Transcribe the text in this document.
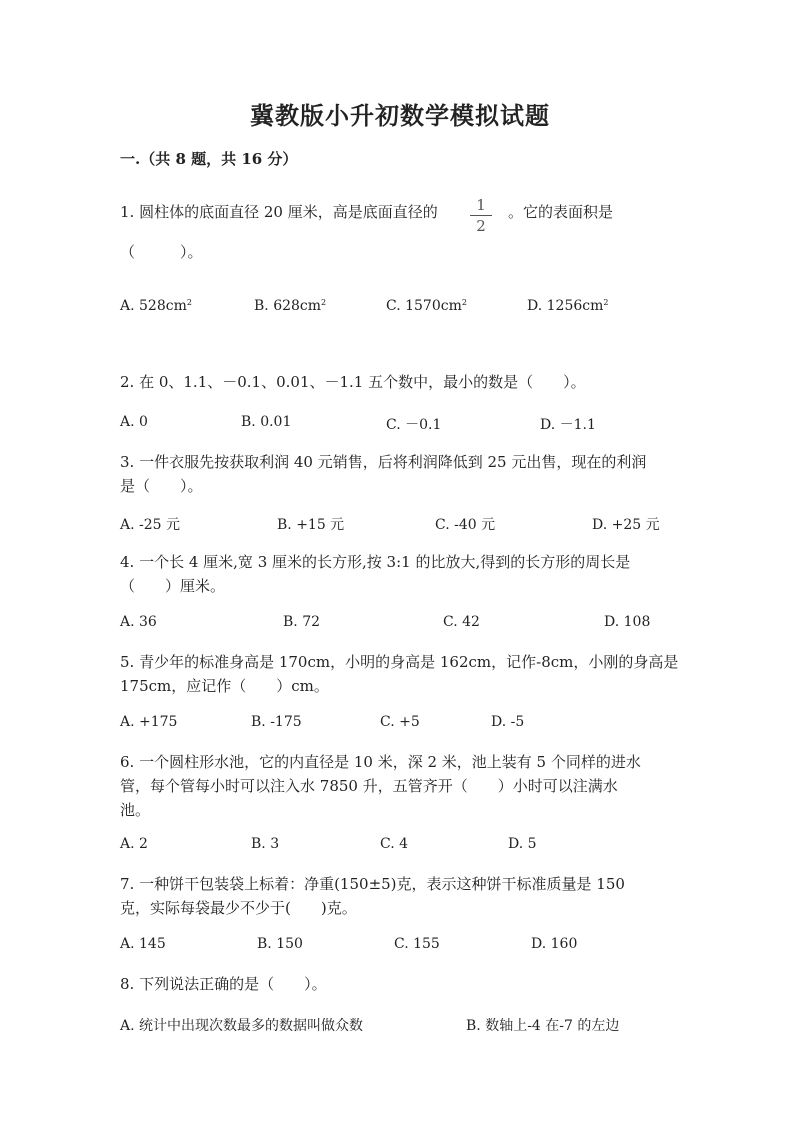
冀教版小升初数学模拟试题
一.（共 8 题，共 16 分）
1. 圆柱体的底面直径 20 厘米，高是底面直径的	$\frac{1}{2}$ 。它的表面积是
（　　　）。
A. $528cm^2$	B. $628cm^2$	C. $1570cm^2$	D. $1256cm^2$
2. 在 0、1.1、－0.1、0.01、－1.1 五个数中，最小的数是（　　）。
A. 0	B. 0.01	C. －0.1	D. －1.1
3. 一件衣服先按获取利润 40 元销售，后将利润降低到 25 元出售，现在的利润
是（　　）。
A. -25 元	B. +15 元	C. -40 元	D. +25 元
4. 一个长 4 厘米,宽 3 厘米的长方形,按 3:1 的比放大,得到的长方形的周长是
（　　）厘米。
A. 36	B. 72	C. 42	D. 108
5. 青少年的标准身高是 170cm，小明的身高是 162cm，记作-8cm，小刚的身高是
175cm，应记作（　　）cm。
A. +175	B. -175	C. +5	D. -5
6. 一个圆柱形水池，它的内直径是 10 米，深 2 米，池上装有 5 个同样的进水
管，每个管每小时可以注入水 7850 升，五管齐开（　　）小时可以注满水
池。
A. 2	B. 3	C. 4	D. 5
7. 一种饼干包装袋上标着：净重(150±5)克，表示这种饼干标准质量是 150
克，实际每袋最少不少于(　　)克。
A. 145	B. 150	C. 155	D. 160
8. 下列说法正确的是（　　）。
A. 统计中出现次数最多的数据叫做众数	B. 数轴上-4 在-7 的左边
